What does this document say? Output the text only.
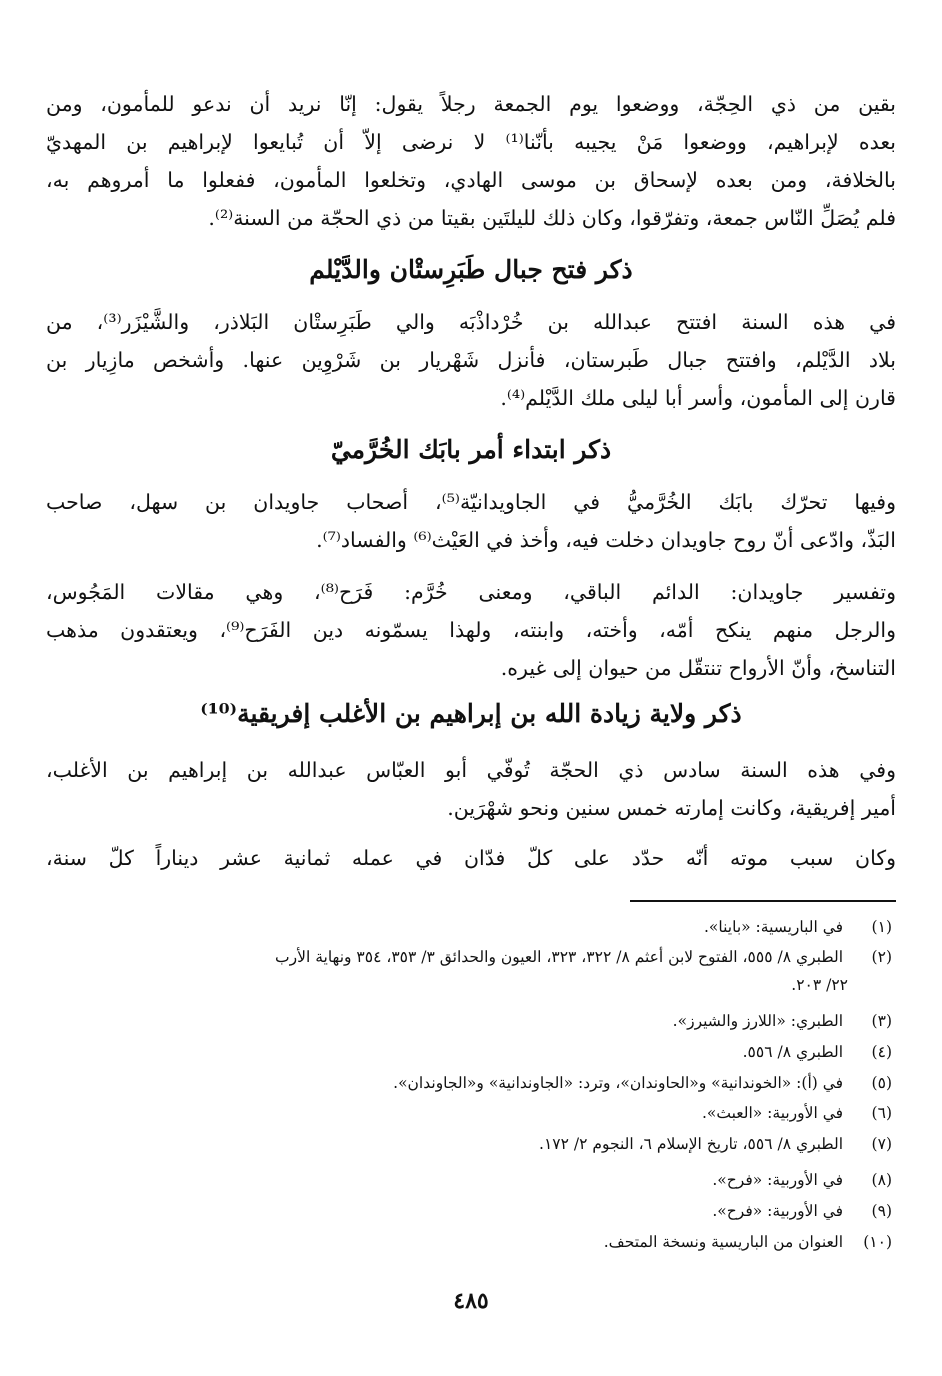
بقين من ذي الحِجّة، ووضعوا يوم الجمعة رجلاً يقول: إنّا نريد أن ندعو للمأمون، ومن
بعده لإبراهيم، ووضعوا مَنْ يجيبه بأنّنا⁽¹⁾ لا نرضى إلاّ أن تُبايعوا لإبراهيم بن المهديّ
بالخلافة، ومن بعده لإسحاق بن موسى الهادي، وتخلعوا المأمون، ففعلوا ما أمروهم به،
فلم يُصَلِّ النّاس جمعة، وتفرّقوا، وكان ذلك لليلتَين بقيتا من ذي الحجّة من السنة⁽²⁾.
ذكر فتح جبال طَبَرِستْان والدَّيْلم
في هذه السنة افتتح عبدالله بن خُرْداذْبَه والي طَبَرِستْان البَلاذر، والشَّيْزَر⁽³⁾، من
بلاد الدَّيْلم، وافتتح جبال طَبرستان، فأنزل شَهْريار بن شَرْوِين عنها. وأشخص مازِيار بن
قارن إلى المأمون، وأسر أبا ليلى ملك الدَّيْلم⁽⁴⁾.
ذكر ابتداء أمر بابَك الخُرَّميّ
وفيها تحرّك بابَك الخُرَّميُّ في الجاويدانيّة⁽⁵⁾، أصحاب جاويدان بن سهل، صاحب
البَذّ، وادّعى أنّ روح جاويدان دخلت فيه، وأخذ في العَيْث⁽⁶⁾ والفساد⁽⁷⁾.
وتفسير جاويدان: الدائم الباقي، ومعنى خُرَّم: فَرَح⁽⁸⁾، وهي مقالات المَجُوس،
والرجل منهم ينكح أمّه، وأخته، وابنته، ولهذا يسمّونه دين الفَرَح⁽⁹⁾، ويعتقدون مذهب
التناسخ، وأنّ الأرواح تنتقّل من حيوان إلى غيره.
ذكر ولاية زيادة الله بن إبراهيم بن الأغلب إفريقية⁽¹⁰⁾
وفي هذه السنة سادس ذي الحجّة تُوفّي أبو العبّاس عبدالله بن إبراهيم بن الأغلب،
أمير إفريقية، وكانت إمارته خمس سنين ونحو شهْرَين.
وكان سبب موته أنّه حدّد على كلّ فدّان في عمله ثمانية عشر ديناراً كلّ سنة،
(١) في الباريسية: «باينا».
(٢) الطبري ٨/ ٥٥٥، الفتوح لابن أعثم ٨/ ٣٢٢، ٣٢٣، العيون والحدائق ٣/ ٣٥٣، ٣٥٤ ونهاية الأرب
٢٢/ ٢٠٣.
(٣) الطبري: «اللارز والشيرز».
(٤) الطبري ٨/ ٥٥٦.
(٥) في (أ): «الخوندانية» و«الحاوندان»، وترد: «الجاوندانية» و«الجاوندان».
(٦) في الأوربية: «العبث».
(٧) الطبري ٨/ ٥٥٦، تاريخ الإسلام ٦، النجوم ٢/ ١٧٢.
(٨) في الأوربية: «فرح».
(٩) في الأوربية: «فرح».
(١٠) العنوان من الباريسية ونسخة المتحف.
٤٨٥
